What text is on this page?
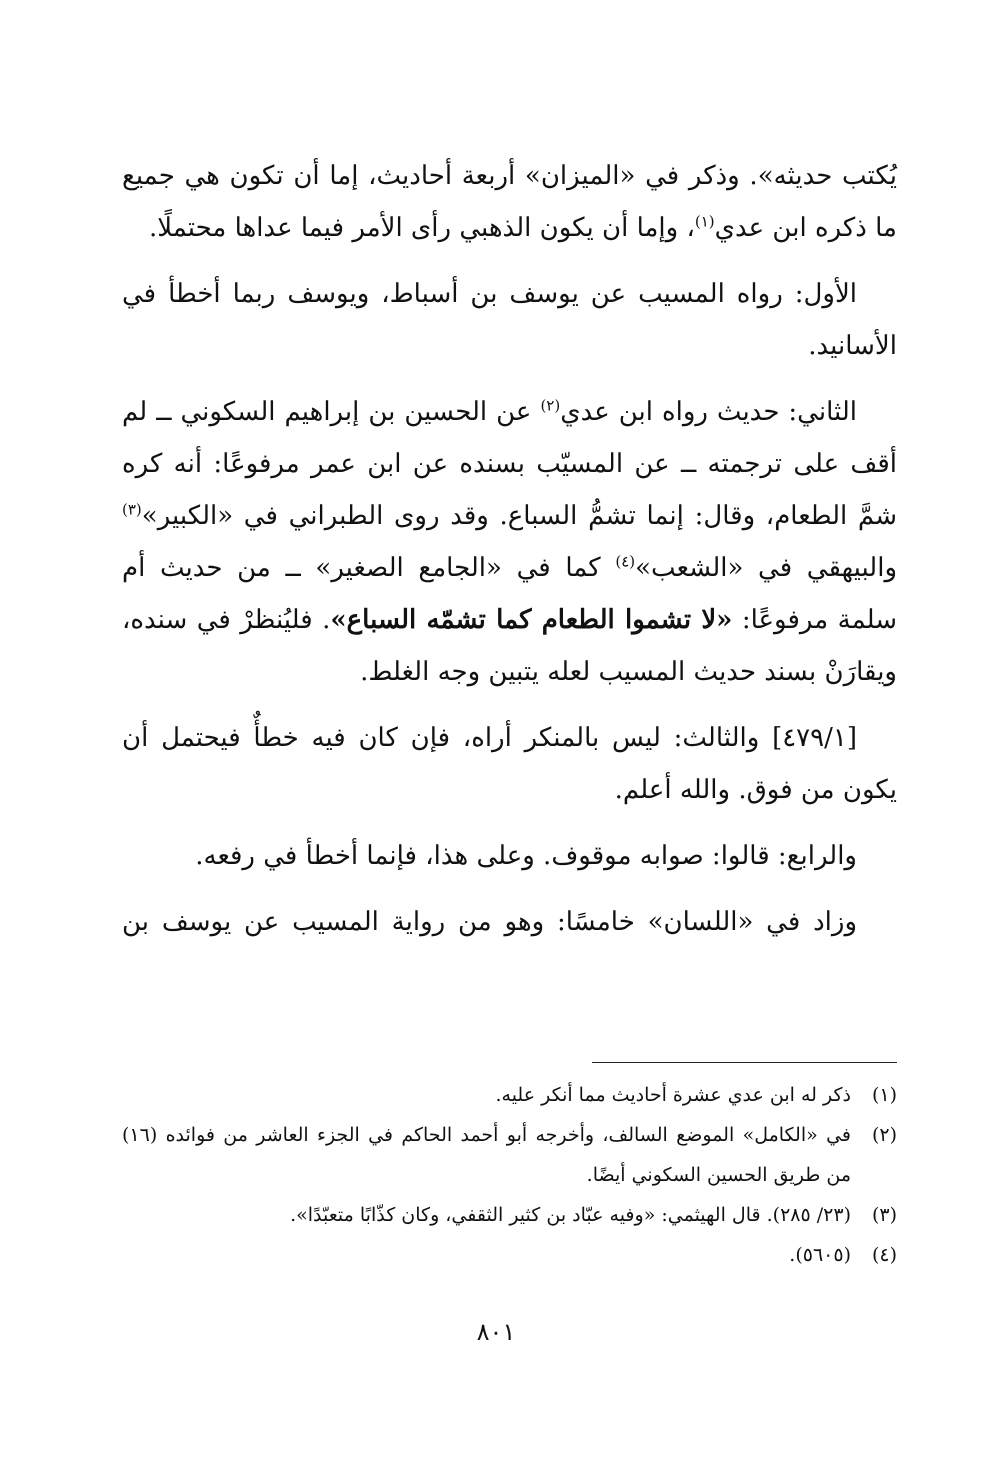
يُكتب حديثه». وذكر في «الميزان» أربعة أحاديث، إما أن تكون هي جميع ما ذكره ابن عدي$^{(١)}$، وإما أن يكون الذهبي رأى الأمر فيما عداها محتملًا.

الأول: رواه المسيب عن يوسف بن أسباط، ويوسف ربما أخطأ في الأسانيد.

الثاني: حديث رواه ابن عدي$^{(٢)}$ عن الحسين بن إبراهيم السكوني ــ لم أقف على ترجمته ــ عن المسيّب بسنده عن ابن عمر مرفوعًا: أنه كره شمَّ الطعام، وقال: إنما تشمُّ السباع. وقد روى الطبراني في «الكبير»$^{(٣)}$ والبيهقي في «الشعب»$^{(٤)}$ كما في «الجامع الصغير» ــ من حديث أم سلمة مرفوعًا: «لا تشموا الطعام كما تشمّه السباع». فليُنظرْ في سنده، ويقارَنْ بسند حديث المسيب لعله يتبين وجه الغلط.

[٤٧٩/١] والثالث: ليس بالمنكر أراه، فإن كان فيه خطأٌ فيحتمل أن يكون من فوق. والله أعلم.

والرابع: قالوا: صوابه موقوف. وعلى هذا، فإنما أخطأ في رفعه.

وزاد في «اللسان» خامسًا: وهو من رواية المسيب عن يوسف بن

(١)
ذكر له ابن عدي عشرة أحاديث مما أنكر عليه.
(٢)
في «الكامل» الموضع السالف، وأخرجه أبو أحمد الحاكم في الجزء العاشر من فوائده (١٦) من طريق الحسين السكوني أيضًا.
(٣)
(٢٣/ ٢٨٥). قال الهيثمي: «وفيه عبّاد بن كثير الثقفي، وكان كذّابًا متعبّدًا».
(٤)
(٥٦٠٥).
٨٠١
